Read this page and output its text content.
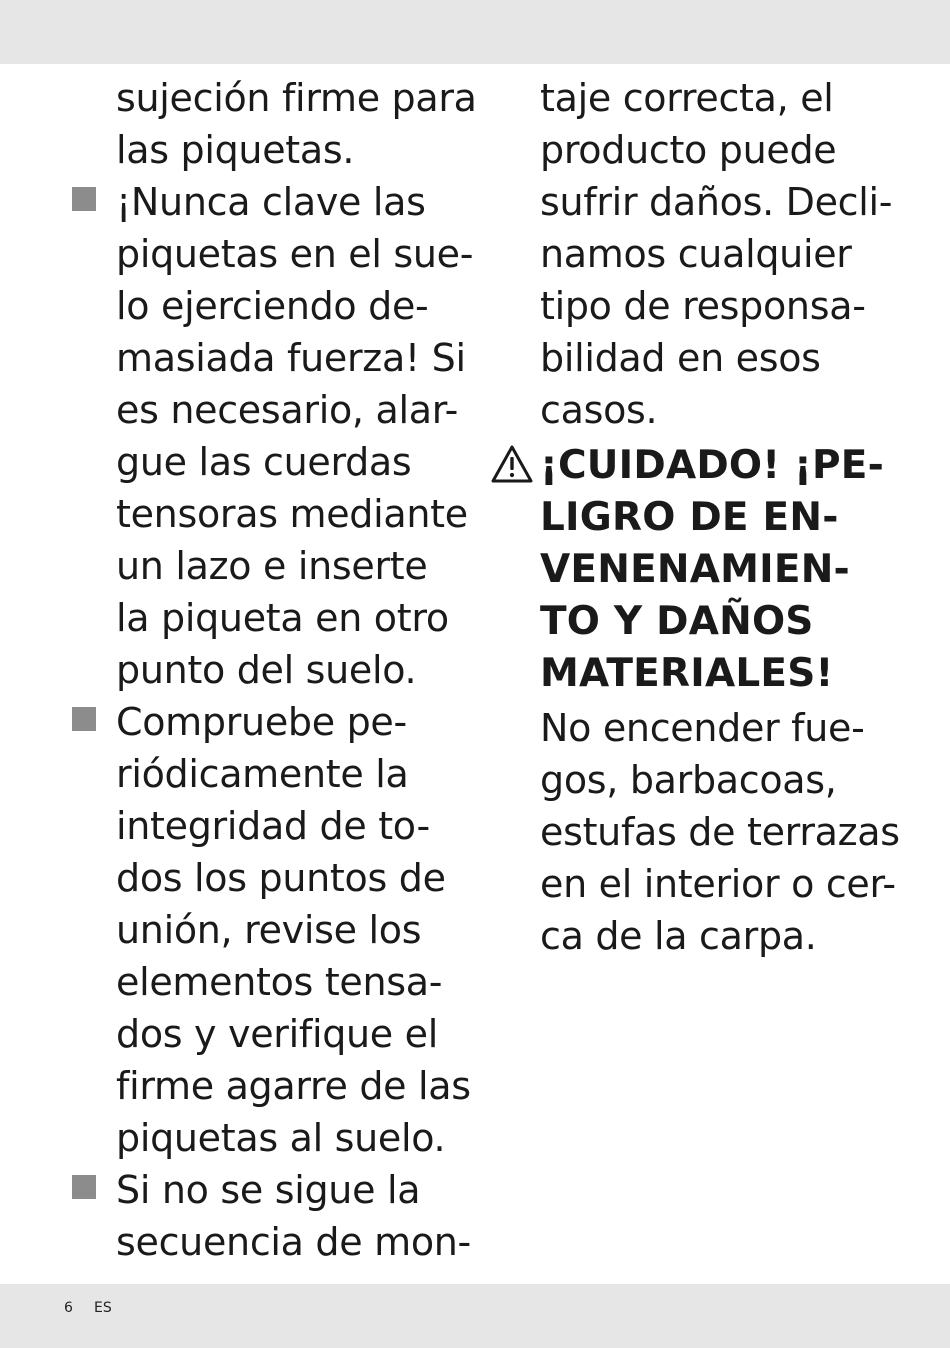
sujeción firme para
las piquetas.
¡Nunca clave las
piquetas en el sue-
lo ejerciendo de-
masiada fuerza! Si
es necesario, alar-
gue las cuerdas
tensoras mediante
un lazo e inserte
la piqueta en otro
punto del suelo.
Compruebe pe-
riódicamente la
integridad de to-
dos los puntos de
unión, revise los
elementos tensa-
dos y verifique el
firme agarre de las
piquetas al suelo.
Si no se sigue la
secuencia de mon-
taje correcta, el
producto puede
sufrir daños. Decli-
namos cualquier
tipo de responsa-
bilidad en esos
casos.
¡CUIDADO! ¡PE-
LIGRO DE EN-
VENENAMIEN-
TO Y DAÑOS
MATERIALES!
No encender fue-
gos, barbacoas,
estufas de terrazas
en el interior o cer-
ca de la carpa.
6 ES
